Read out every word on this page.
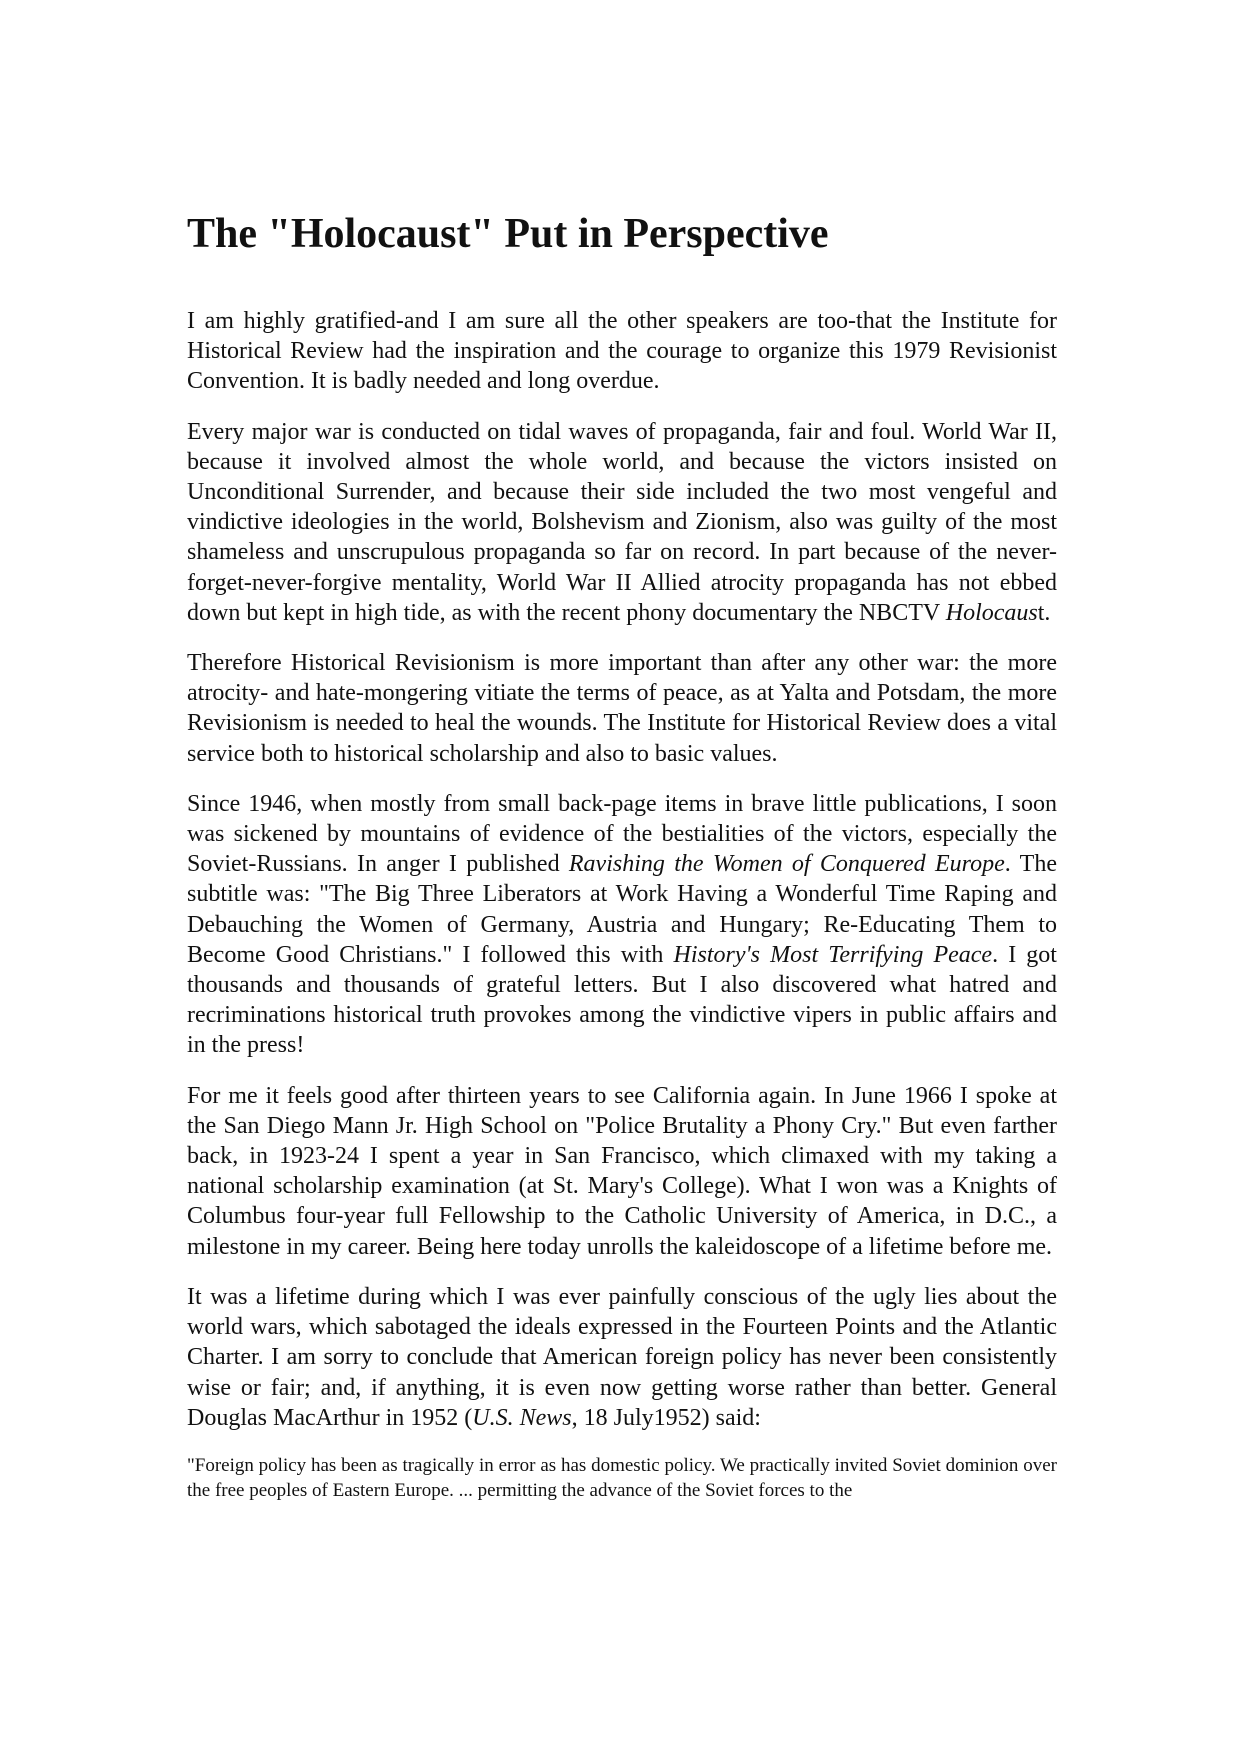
The "Holocaust" Put in Perspective

I am highly gratified-and I am sure all the other speakers are too-that the Institute for Historical Review had the inspiration and the courage to organize this 1979 Revisionist Convention. It is badly needed and long overdue.

Every major war is conducted on tidal waves of propaganda, fair and foul. World War II, because it involved almost the whole world, and because the victors insisted on Unconditional Surrender, and because their side included the two most vengeful and vindictive ideologies in the world, Bolshevism and Zionism, also was guilty of the most shameless and unscrupulous propaganda so far on record. In part because of the never-forget-never-forgive mentality, World War II Allied atrocity propaganda has not ebbed down but kept in high tide, as with the recent phony documentary the NBCTV Holocaust.

Therefore Historical Revisionism is more important than after any other war: the more atrocity- and hate-mongering vitiate the terms of peace, as at Yalta and Potsdam, the more Revisionism is needed to heal the wounds. The Institute for Historical Review does a vital service both to historical scholarship and also to basic values.

Since 1946, when mostly from small back-page items in brave little publications, I soon was sickened by mountains of evidence of the bestialities of the victors, especially the Soviet-Russians. In anger I published Ravishing the Women of Conquered Europe. The subtitle was: "The Big Three Liberators at Work Having a Wonderful Time Raping and Debauching the Women of Germany, Austria and Hungary; Re-Educating Them to Become Good Christians." I followed this with History's Most Terrifying Peace. I got thousands and thousands of grateful letters. But I also discovered what hatred and recriminations historical truth provokes among the vindictive vipers in public affairs and in the press!

For me it feels good after thirteen years to see California again. In June 1966 I spoke at the San Diego Mann Jr. High School on "Police Brutality a Phony Cry." But even farther back, in 1923-24 I spent a year in San Francisco, which climaxed with my taking a national scholarship examination (at St. Mary's College). What I won was a Knights of Columbus four-year full Fellowship to the Catholic University of America, in D.C., a milestone in my career. Being here today unrolls the kaleidoscope of a lifetime before me.

It was a lifetime during which I was ever painfully conscious of the ugly lies about the world wars, which sabotaged the ideals expressed in the Fourteen Points and the Atlantic Charter. I am sorry to conclude that American foreign policy has never been consistently wise or fair; and, if anything, it is even now getting worse rather than better. General Douglas MacArthur in 1952 (U.S. News, 18 July1952) said:

"Foreign policy has been as tragically in error as has domestic policy. We practically invited Soviet dominion over the free peoples of Eastern Europe. ... permitting the advance of the Soviet forces to the
